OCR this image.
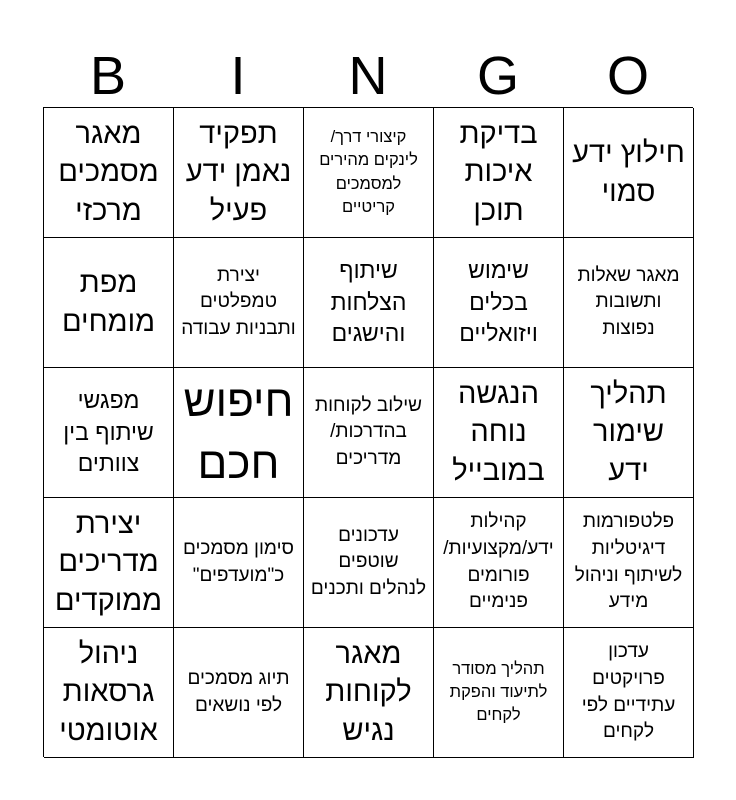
B	I	N	G	O
מאגר מסמכים מרכזי
תפקיד נאמן ידע פעיל
קיצורי דרך/ לינקים מהירים למסמכים קריטיים
בדיקת איכות תוכן
חילוץ ידע סמוי
מפת מומחים
יצירת טמפלטים ותבניות עבודה
שיתוף הצלחות והישגים
שימוש בכלים ויזואליים
מאגר שאלות ותשובות נפוצות
מפגשי שיתוף בין צוותים
חיפוש חכם
שילוב לקוחות בהדרכות/ מדריכים
הנגשה נוחה במובייל
תהליך שימור ידע
יצירת מדריכים ממוקדים
סימון מסמכים כ"מועדפים"
עדכונים שוטפים לנהלים ותכנים
קהילות ידע/מקצועיות/ פורומים פנימיים
פלטפורמות דיגיטליות לשיתוף וניהול מידע
ניהול גרסאות אוטומטי
תיוג מסמכים לפי נושאים
מאגר לקוחות נגיש
תהליך מסודר לתיעוד והפקת לקחים
עדכון פרויקטים עתידיים לפי לקחים
